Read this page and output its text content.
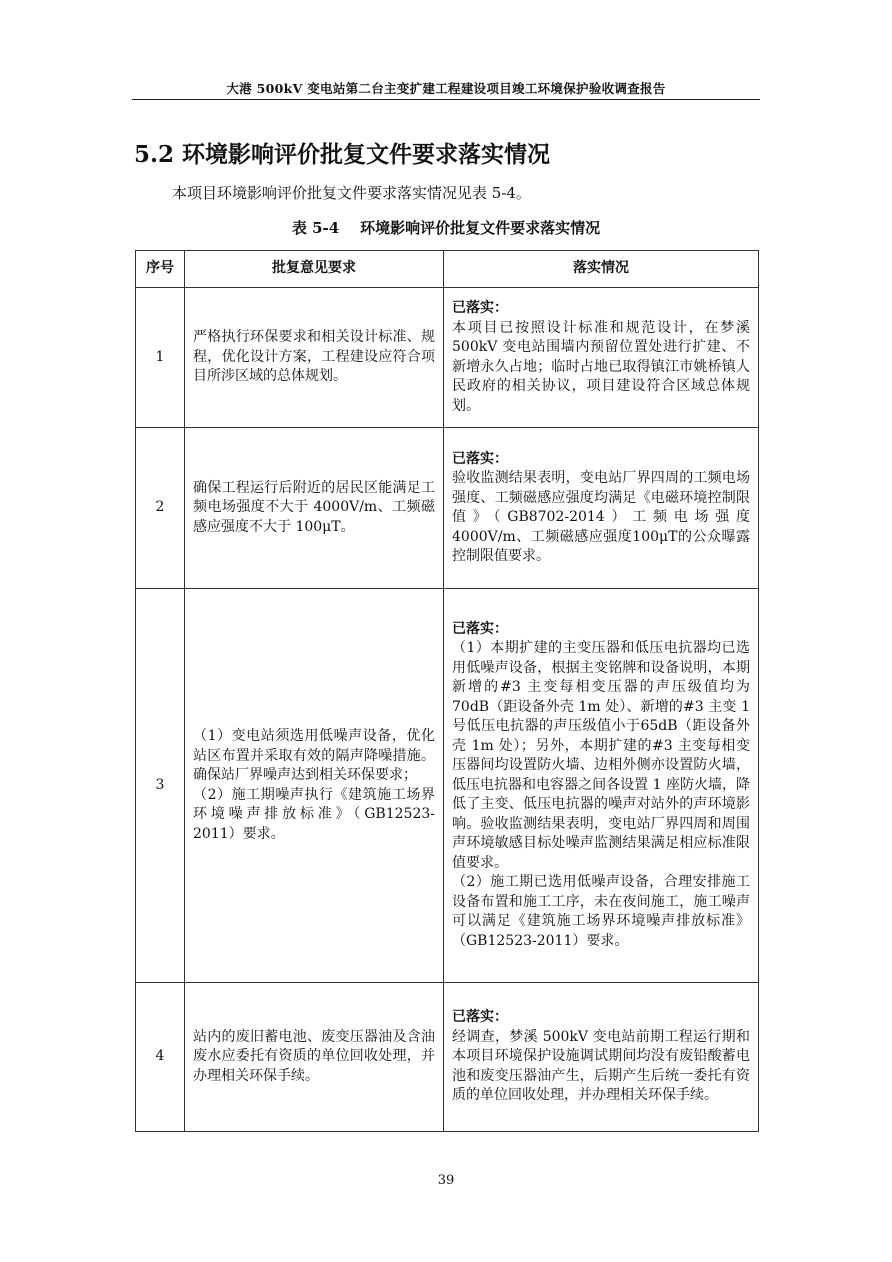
大港 500kV 变电站第二台主变扩建工程建设项目竣工环境保护验收调查报告
5.2 环境影响评价批复文件要求落实情况
本项目环境影响评价批复文件要求落实情况见表 5-4。
表 5-4    环境影响评价批复文件要求落实情况
序号	批复意见要求	落实情况
1	严格执行环保要求和相关设计标准、规程，优化设计方案，工程建设应符合项目所涉区域的总体规划。	已落实：
本项目已按照设计标准和规范设计，在梦溪 500kV 变电站围墙内预留位置处进行扩建、不新增永久占地；临时占地已取得镇江市姚桥镇人民政府的相关协议，项目建设符合区域总体规划。

2	确保工程运行后附近的居民区能满足工频电场强度不大于 4000V/m、工频磁感应强度不大于 100μT。	已落实：
验收监测结果表明，变电站厂界四周的工频电场强度、工频磁感应强度均满足《电磁环境控制限值》（GB8702-2014）工频电场强度 4000V/m、工频磁感应强度100μT的公众曝露控制限值要求。

3	（1）变电站须选用低噪声设备，优化站区布置并采取有效的隔声降噪措施。确保站厂界噪声达到相关环保要求；
（2）施工期噪声执行《建筑施工场界环境噪声排放标准》（GB12523-2011）要求。	已落实：
（1）本期扩建的主变压器和低压电抗器均已选用低噪声设备，根据主变铭牌和设备说明，本期新增的#3 主变每相变压器的声压级值均为 70dB（距设备外壳 1m 处）、新增的#3 主变 1 号低压电抗器的声压级值小于65dB（距设备外壳 1m 处）；另外，本期扩建的#3 主变每相变压器间均设置防火墙、边相外侧亦设置防火墙，低压电抗器和电容器之间各设置 1 座防火墙，降低了主变、低压电抗器的噪声对站外的声环境影响。验收监测结果表明，变电站厂界四周和周围声环境敏感目标处噪声监测结果满足相应标准限值要求。
（2）施工期已选用低噪声设备，合理安排施工设备布置和施工工序，未在夜间施工，施工噪声可以满足《建筑施工场界环境噪声排放标准》（GB12523-2011）要求。

4	站内的废旧蓄电池、废变压器油及含油废水应委托有资质的单位回收处理，并办理相关环保手续。	已落实：
经调查，梦溪 500kV 变电站前期工程运行期和本项目环境保护设施调试期间均没有废铅酸蓄电池和废变压器油产生，后期产生后统一委托有资质的单位回收处理，并办理相关环保手续。
39
